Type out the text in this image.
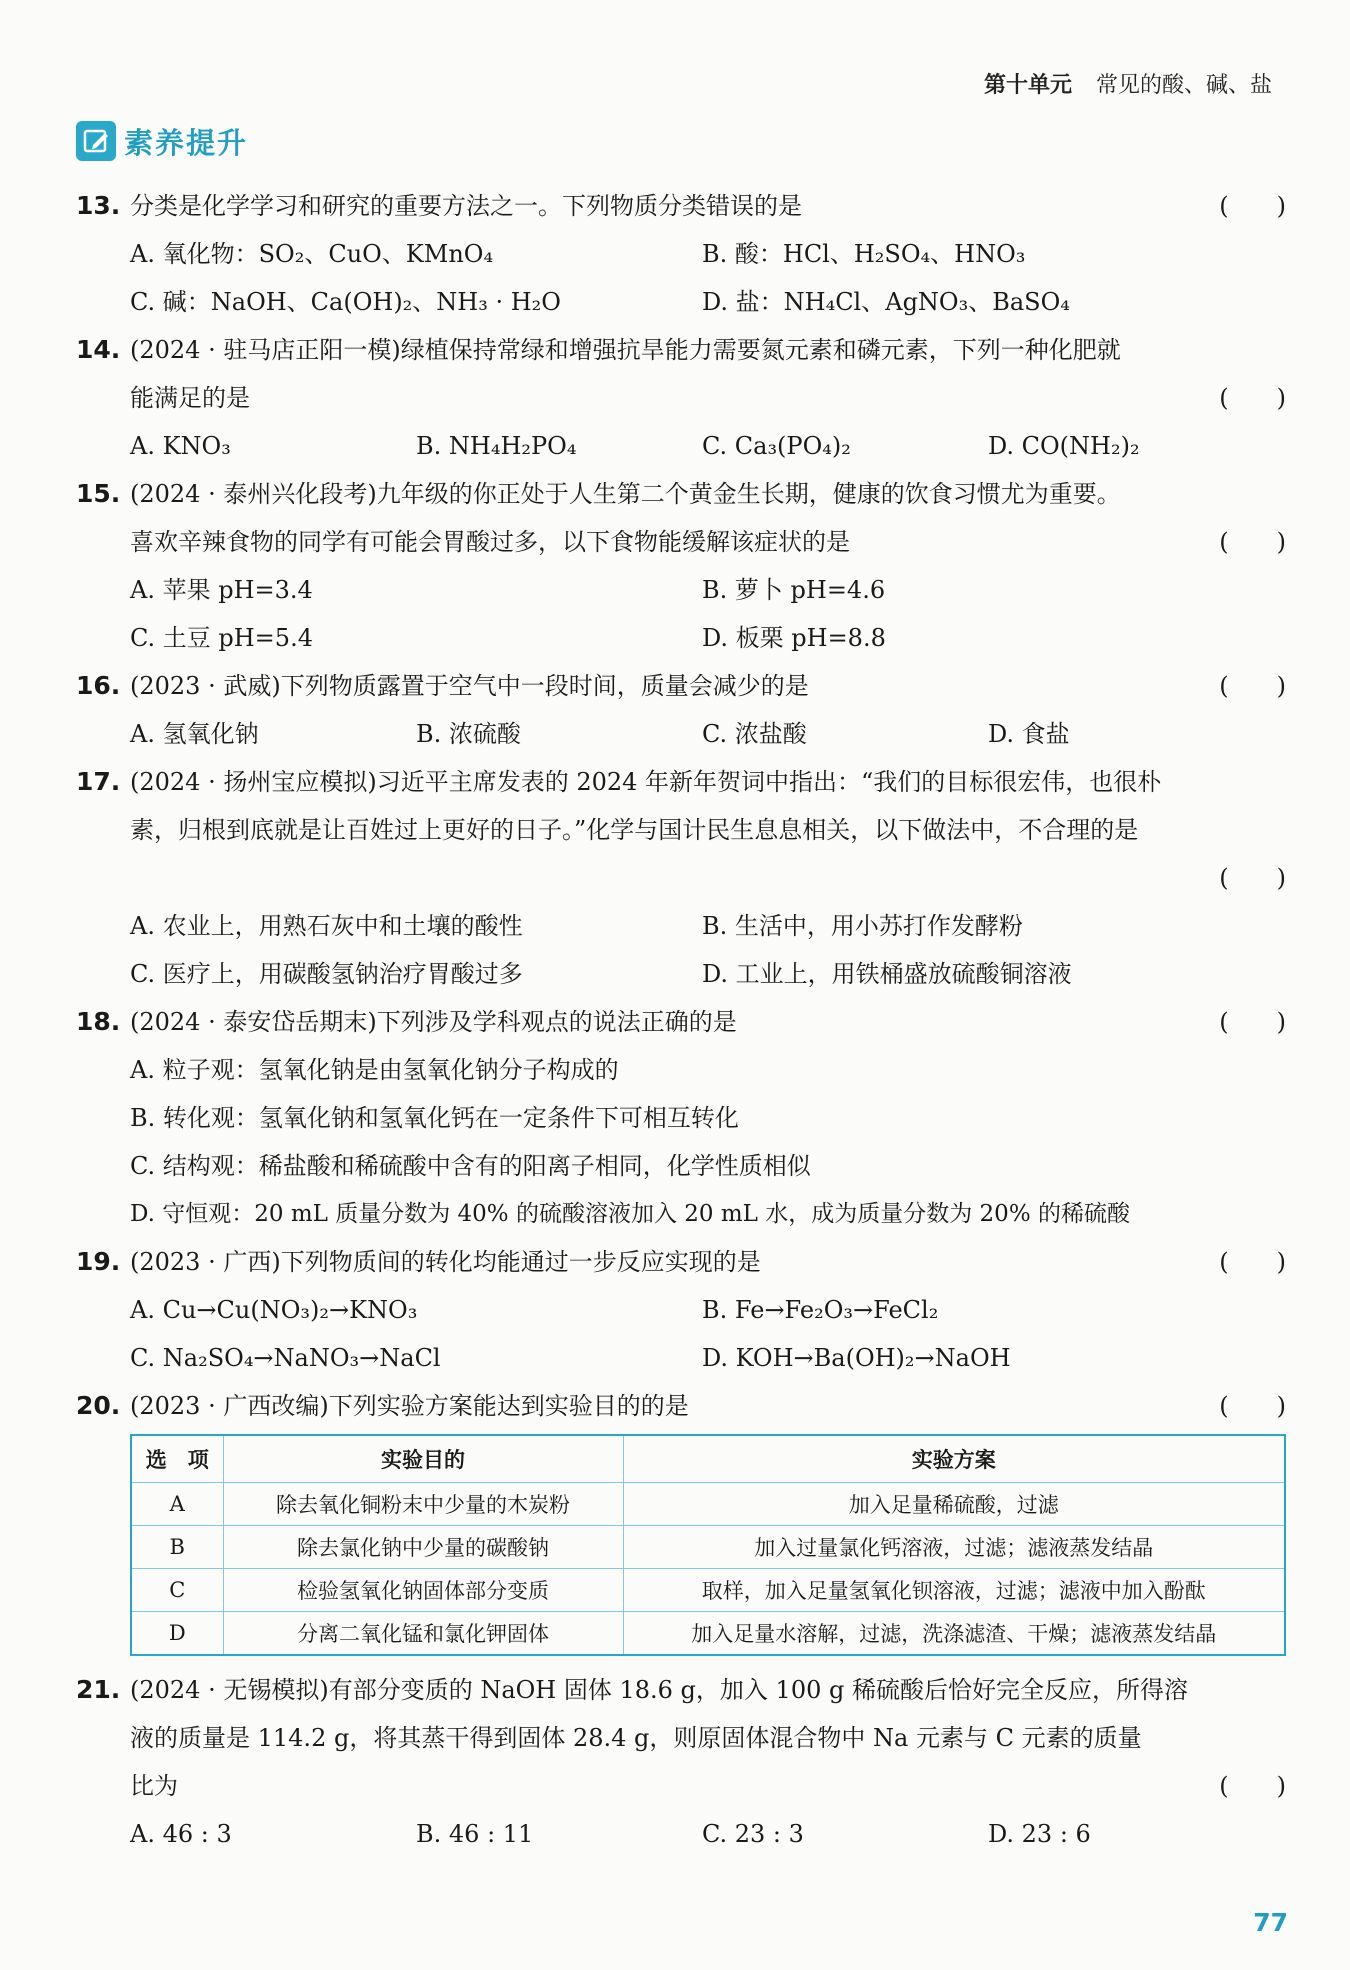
第十单元 常见的酸、碱、盐
素养提升
13. 分类是化学学习和研究的重要方法之一。下列物质分类错误的是	(　　)
A. 氧化物：SO₂、CuO、KMnO₄	B. 酸：HCl、H₂SO₄、HNO₃
C. 碱：NaOH、Ca(OH)₂、NH₃ · H₂O	D. 盐：NH₄Cl、AgNO₃、BaSO₄
14. (2024 · 驻马店正阳一模)绿植保持常绿和增强抗旱能力需要氮元素和磷元素，下列一种化肥就
能满足的是	(　　)
A. KNO₃	B. NH₄H₂PO₄	C. Ca₃(PO₄)₂	D. CO(NH₂)₂
15. (2024 · 泰州兴化段考)九年级的你正处于人生第二个黄金生长期，健康的饮食习惯尤为重要。
喜欢辛辣食物的同学有可能会胃酸过多，以下食物能缓解该症状的是	(　　)
A. 苹果 pH=3.4	B. 萝卜 pH=4.6
C. 土豆 pH=5.4	D. 板栗 pH=8.8
16. (2023 · 武威)下列物质露置于空气中一段时间，质量会减少的是	(　　)
A. 氢氧化钠	B. 浓硫酸	C. 浓盐酸	D. 食盐
17. (2024 · 扬州宝应模拟)习近平主席发表的 2024 年新年贺词中指出：“我们的目标很宏伟，也很朴
素，归根到底就是让百姓过上更好的日子。”化学与国计民生息息相关，以下做法中，不合理的是
(　　)
A. 农业上，用熟石灰中和土壤的酸性	B. 生活中，用小苏打作发酵粉
C. 医疗上，用碳酸氢钠治疗胃酸过多	D. 工业上，用铁桶盛放硫酸铜溶液
18. (2024 · 泰安岱岳期末)下列涉及学科观点的说法正确的是	(　　)
A. 粒子观：氢氧化钠是由氢氧化钠分子构成的
B. 转化观：氢氧化钠和氢氧化钙在一定条件下可相互转化
C. 结构观：稀盐酸和稀硫酸中含有的阳离子相同，化学性质相似
D. 守恒观：20 mL 质量分数为 40% 的硫酸溶液加入 20 mL 水，成为质量分数为 20% 的稀硫酸
19. (2023 · 广西)下列物质间的转化均能通过一步反应实现的是	(　　)
A. Cu→Cu(NO₃)₂→KNO₃	B. Fe→Fe₂O₃→FeCl₂
C. Na₂SO₄→NaNO₃→NaCl	D. KOH→Ba(OH)₂→NaOH
20. (2023 · 广西改编)下列实验方案能达到实验目的的是	(　　)
选　项	实验目的	实验方案
A	除去氧化铜粉末中少量的木炭粉	加入足量稀硫酸，过滤
B	除去氯化钠中少量的碳酸钠	加入过量氯化钙溶液，过滤；滤液蒸发结晶
C	检验氢氧化钠固体部分变质	取样，加入足量氢氧化钡溶液，过滤；滤液中加入酚酞
D	分离二氧化锰和氯化钾固体	加入足量水溶解，过滤，洗涤滤渣、干燥；滤液蒸发结晶
21. (2024 · 无锡模拟)有部分变质的 NaOH 固体 18.6 g，加入 100 g 稀硫酸后恰好完全反应，所得溶
液的质量是 114.2 g，将其蒸干得到固体 28.4 g，则原固体混合物中 Na 元素与 C 元素的质量
比为	(　　)
A. 46 : 3	B. 46 : 11	C. 23 : 3	D. 23 : 6
77
